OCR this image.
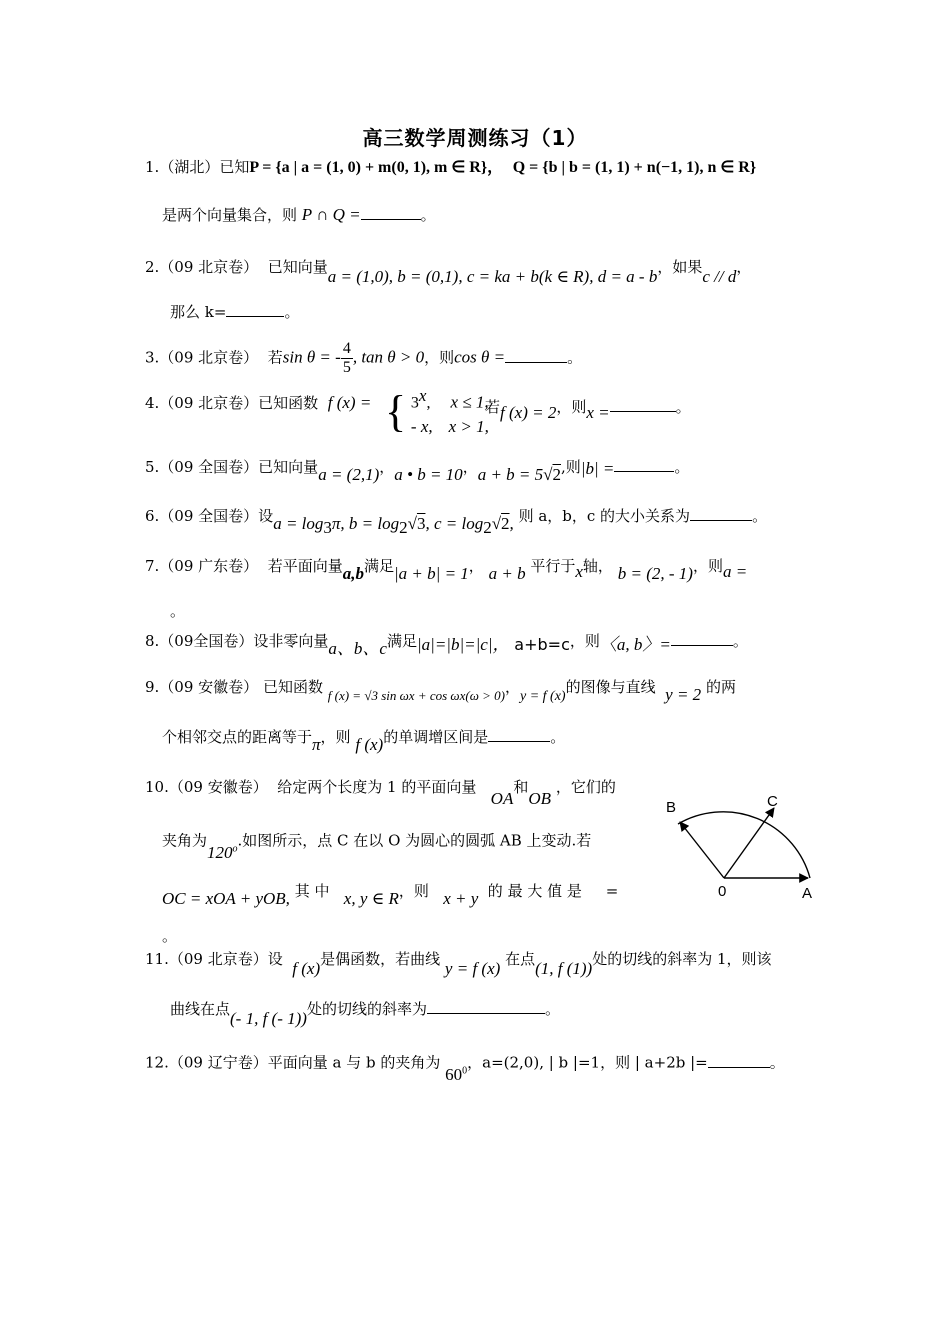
高三数学周测练习（1）
1.（湖北）已知P = {a | a = (1, 0) + m(0, 1), m ∈ R}， Q = {b | b = (1, 1) + n(−1, 1), n ∈ R}
是两个向量集合，则 P ∩ Q =	。
2.（09 北京卷） 已知向量a = (1,0), b = (0,1), c = ka + b(k ∈ R), d = a - b，如果c // d，
那么 k=	。
3.（09 北京卷） 若sin θ = - $\frac{4}{5}$ , tan θ > 0，则cos θ =	。
4.（09 北京卷）已知函数 f (x) = { 3$^x$,     x ≤ 1,
- x, x > 1,
若f (x) = 2，则x =	。
5.（09 全国卷）已知向量a = (2,1)，a • b = 10，a + b = 5√2,则|b| =	。
6.（09 全国卷）设$a = \log_3\pi$, $b = \log_2√3$, $c = \log_2√2$, 则 a，b，c 的大小关系为	。
7.（09 广东卷） 若平面向量a,b满足|a + b| = 1， a + b 平行于x轴， b = (2, - 1)，则a =
。
8.（09全国卷）设非零向量a、b、c满足|a|=|b|=|c|， a+b=c，则〈a, b〉=	。
9.（09 安徽卷） 已知函数 f (x) = √3 sin ωx + cos ωx(ω > 0)，y = f (x)的图像与直线 y = 2 的两
个相邻交点的距离等于π，则 f (x)的单调增区间是	。
10.（09 安徽卷） 给定两个长度为 1 的平面向量   OA和OB ，它们的
夹角为120$^o$.如图所示，点 C 在以 O 为圆心的圆弧 AB 上变动.若
OC = xOA + yOB, 其 中 x, y ∈ R，则 x + y 的 最 大 值 是 =
。
B	C
0	A
11.（09 北京卷）设 f (x)是偶函数，若曲线 y = f (x) 在点(1, f (1))处的切线的斜率为 1，则该
曲线在点(- 1, f (- 1))处的切线的斜率为	。
12.（09 辽宁卷）平面向量 a 与 b 的夹角为 $60^0$，a=(2,0), | b |=1，则 | a+2b |=	。
